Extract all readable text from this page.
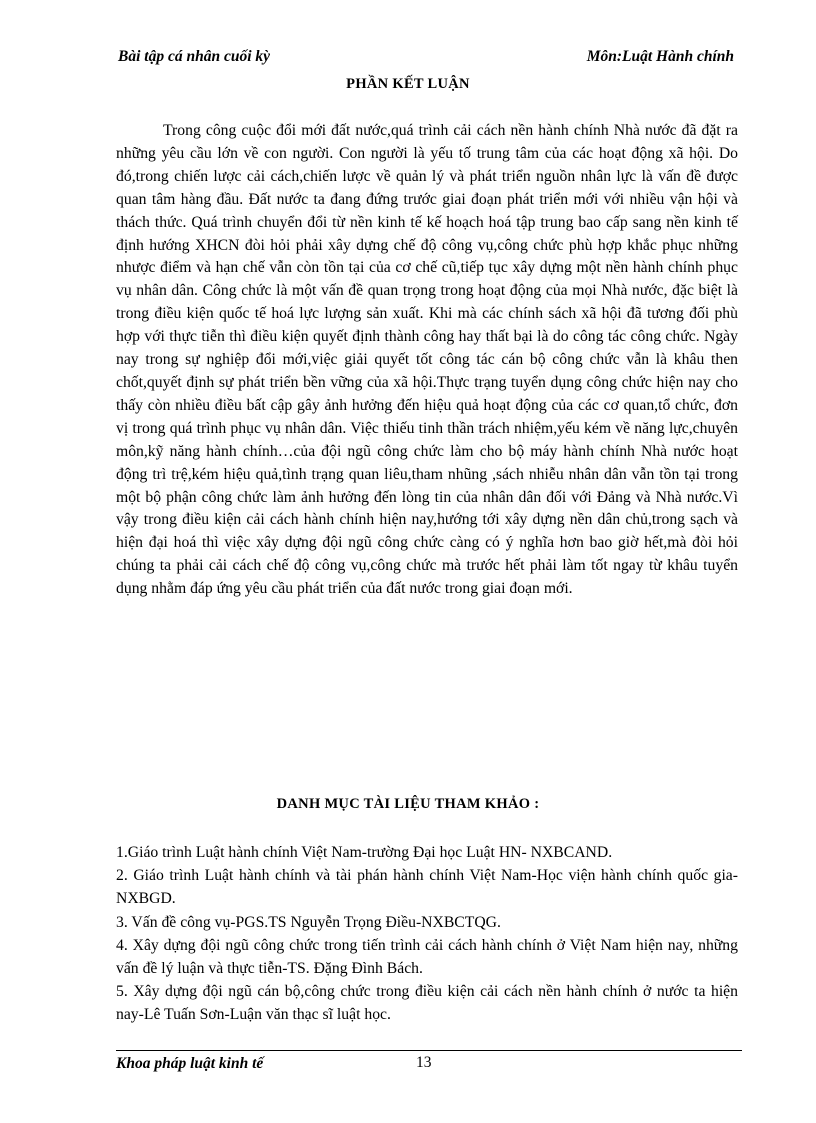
Bài tập cá nhân cuối kỳ	Môn:Luật Hành chính
PHẦN KẾT LUẬN

Trong công cuộc đổi mới đất nước,quá trình cải cách nền hành chính Nhà nước đã đặt ra những yêu cầu lớn về con người. Con người là yếu tố trung tâm của các hoạt động xã hội. Do đó,trong chiến lược cải cách,chiến lược về quản lý và phát triển nguồn nhân lực là vấn đề được quan tâm hàng đầu. Đất nước ta đang đứng trước giai đoạn phát triển mới với nhiều vận hội và thách thức. Quá trình chuyển đổi từ nền kinh tế kế hoạch hoá tập trung bao cấp sang nền kinh tế định hướng XHCN đòi hỏi phải xây dựng chế độ công vụ,công chức phù hợp khắc phục những nhược điểm và hạn chế vẫn còn tồn tại của cơ chế cũ,tiếp tục xây dựng một nền hành chính phục vụ nhân dân. Công chức là một vấn đề quan trọng trong hoạt động của mọi Nhà nước, đặc biệt là trong điều kiện quốc tế hoá lực lượng sản xuất. Khi mà các chính sách xã hội đã tương đối phù hợp với thực tiễn thì điều kiện quyết định thành công hay thất bại là do công tác công chức. Ngày nay trong sự nghiệp đổi mới,việc giải quyết tốt công tác cán bộ công chức vẫn là khâu then chốt,quyết định sự phát triển bền vững của xã hội.Thực trạng tuyển dụng công chức hiện nay cho thấy còn nhiều điều bất cập gây ảnh hưởng đến hiệu quả hoạt động của các cơ quan,tổ chức, đơn vị trong quá trình phục vụ nhân dân. Việc thiếu tinh thần trách nhiệm,yếu kém về năng lực,chuyên môn,kỹ năng hành chính…của đội ngũ công chức làm cho bộ máy hành chính Nhà nước hoạt động trì trệ,kém hiệu quả,tình trạng quan liêu,tham nhũng ,sách nhiễu nhân dân vẫn tồn tại trong một bộ phận công chức làm ảnh hưởng đến lòng tin của nhân dân đối với Đảng và Nhà nước.Vì vậy trong điều kiện cải cách hành chính hiện nay,hướng tới xây dựng nền dân chủ,trong sạch và hiện đại hoá thì việc xây dựng đội ngũ công chức càng có ý nghĩa hơn bao giờ hết,mà đòi hỏi chúng ta phải cải cách chế độ công vụ,công chức mà trước hết phải làm tốt ngay từ khâu tuyển dụng nhằm đáp ứng yêu cầu phát triển của đất nước trong giai đoạn mới.

DANH MỤC TÀI LIỆU THAM KHẢO :
1.Giáo trình Luật hành chính Việt Nam-trường Đại học Luật HN- NXBCAND.
2. Giáo trình Luật hành chính và tài phán hành chính Việt Nam-Học viện hành chính quốc gia-NXBGD.
3. Vấn đề công vụ-PGS.TS Nguyễn Trọng Điều-NXBCTQG.
4. Xây dựng đội ngũ công chức trong tiến trình cải cách hành chính ở Việt Nam hiện nay, những vấn đề lý luận và thực tiễn-TS. Đặng Đình Bách.
5. Xây dựng đội ngũ cán bộ,công chức trong điều kiện cải cách nền hành chính ở nước ta hiện nay-Lê Tuấn Sơn-Luận văn thạc sĩ luật học.
Khoa pháp luật kinh tế	13
